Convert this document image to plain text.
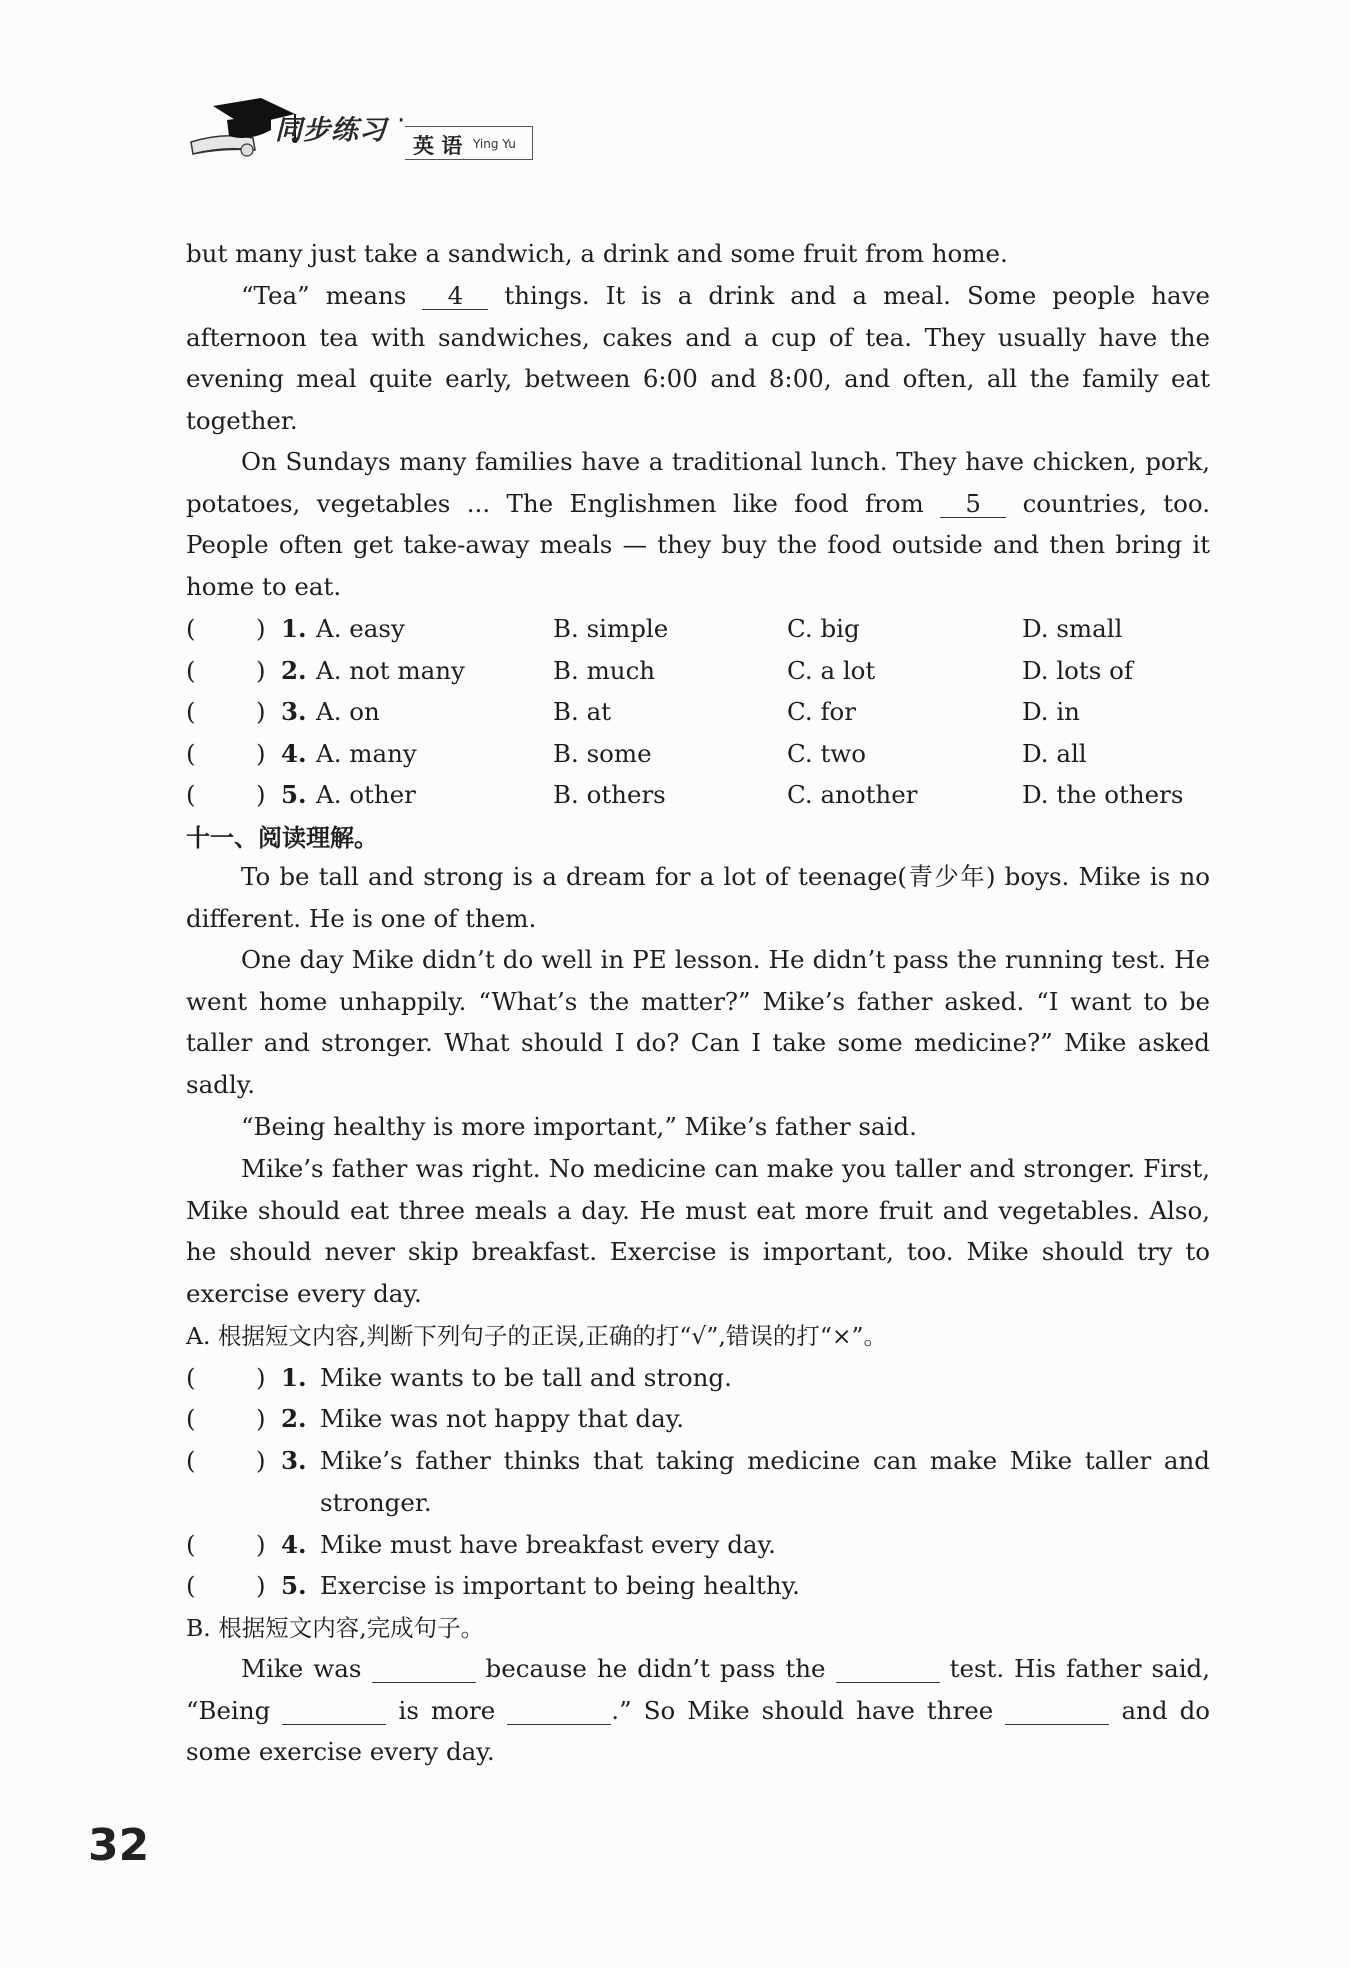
同步练习 ·
英 语 Ying Yu

but many just take a sandwich, a drink and some fruit from home.

“Tea” means 4 things. It is a drink and a meal. Some people have afternoon tea with sandwiches, cakes and a cup of tea. They usually have the evening meal quite early, between 6:00 and 8:00, and often, all the family eat together.

On Sundays many families have a traditional lunch. They have chicken, pork, potatoes, vegetables ... The Englishmen like food from 5 countries, too. People often get take-away meals — they buy the food outside and then bring it home to eat.

( ) 1. A. easy	B. simple	C. big	D. small
( ) 2. A. not many	B. much	C. a lot	D. lots of
( ) 3. A. on	B. at	C. for	D. in
( ) 4. A. many	B. some	C. two	D. all
( ) 5. A. other	B. others	C. another	D. the others
十一、阅读理解。

To be tall and strong is a dream for a lot of teenage(青少年) boys. Mike is no different. He is one of them.

One day Mike didn’t do well in PE lesson. He didn’t pass the running test. He went home unhappily. “What’s the matter?” Mike’s father asked. “I want to be taller and stronger. What should I do? Can I take some medicine?” Mike asked sadly.

“Being healthy is more important,” Mike’s father said.

Mike’s father was right. No medicine can make you taller and stronger. First, Mike should eat three meals a day. He must eat more fruit and vegetables. Also, he should never skip breakfast. Exercise is important, too. Mike should try to exercise every day.

A. 根据短文内容,判断下列句子的正误,正确的打“√”,错误的打“×”。
( ) 1. Mike wants to be tall and strong.
( ) 2. Mike was not happy that day.
( ) 3. Mike’s father thinks that taking medicine can make Mike taller and
stronger.
( ) 4. Mike must have breakfast every day.
( ) 5. Exercise is important to being healthy.
B. 根据短文内容,完成句子。

Mike was	because he didn’t pass the	test. His father said, “Being	is more	.” So Mike should have three	and do some exercise every day.

32
